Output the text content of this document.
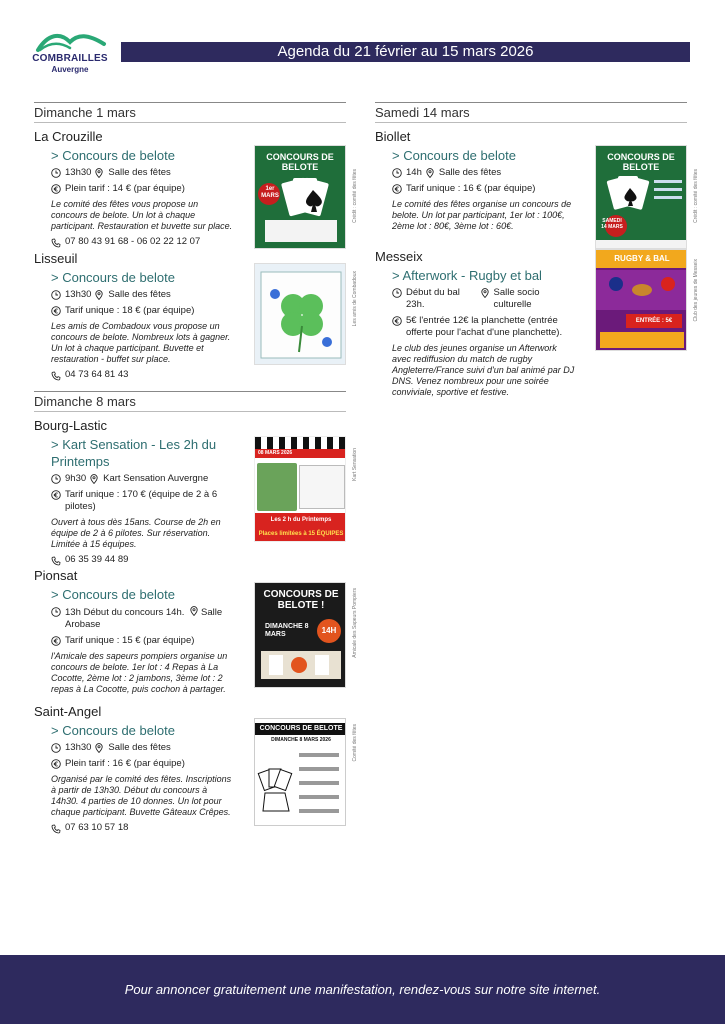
COMBRAILLES
Auvergne
Agenda du 21 février au 15 mars 2026
Dimanche 1 mars
La Crouzille
> Concours de belote
13h30 Salle des fêtes
Plein tarif : 14 € (par équipe)
Le comité des fêtes vous propose un concours de belote. Un lot à chaque participant. Restauration et buvette sur place.
07 80 43 91 68 - 06 02 22 12 07
CONCOURS DE BELOTE
1er MARS	Crédit : comité des fêtes
Lisseuil
> Concours de belote
13h30 Salle des fêtes
Tarif unique : 18 € (par équipe)
Les amis de Combadoux vous propose un concours de belote. Nombreux lots à gagner. Un lot à chaque participant. Buvette et restauration - buffet sur place.
04 73 64 81 43
Les amis de Combadoux
Dimanche 8 mars
Bourg-Lastic
> Kart Sensation - Les 2h du Printemps
9h30 Kart Sensation Auvergne
Tarif unique : 170 € (équipe de 2 à 6 pilotes)
Ouvert à tous dès 15ans. Course de 2h en équipe de 2 à 6 pilotes. Sur réservation. Limitée à 15 équipes.
06 35 39 44 89
08 MARS 2026
Les 2 h du Printemps
Places limitées à 15 ÉQUIPES
Kart Sensation
Pionsat
> Concours de belote
13h Début du concours 14h. Salle Arobase
Tarif unique : 15 € (par équipe)
l'Amicale des sapeurs pompiers organise un concours de belote. 1er lot : 4 Repas à La Cocotte, 2ème lot : 2 jambons, 3ème lot : 2 repas à La Cocotte, puis cochon à partager.
CONCOURS DE BELOTE !
DIMANCHE 8 MARS	14H	Amicale des Sapeurs Pompiers
Saint-Angel
> Concours de belote
13h30 Salle des fêtes
Plein tarif : 16 € (par équipe)
Organisé par le comité des fêtes. Inscriptions à partir de 13h30. Début du concours à 14h30. 4 parties de 10 donnes. Un lot pour chaque participant. Buvette Gâteaux Crêpes.
07 63 10 57 18
CONCOURS DE BELOTE
DIMANCHE 8 MARS 2026	Comité des fêtes
Samedi 14 mars
Biollet
> Concours de belote
14h Salle des fêtes
Tarif unique : 16 € (par équipe)
Le comité des fêtes organise un concours de belote. Un lot par participant, 1er lot : 100€, 2ème lot : 80€, 3ème lot : 60€.
CONCOURS DE BELOTE
SAMEDI 14 MARS
Crédit : comité des fêtes
Messeix
> Afterwork - Rugby et bal
Début du bal 23h.
Salle socio culturelle
5€ l'entrée 12€ la planchette (entrée offerte pour l'achat d'une planchette).
Le club des jeunes organise un Afterwork avec rediffusion du match de rugby Angleterre/France suivi d'un bal animé par DJ DNS. Venez nombreux pour une soirée conviviale, sportive et festive.
RUGBY & BAL
ENTRÉE : 5€	Club des jeunes de Messeix
Pour annoncer gratuitement une manifestation, rendez-vous sur notre site internet.
